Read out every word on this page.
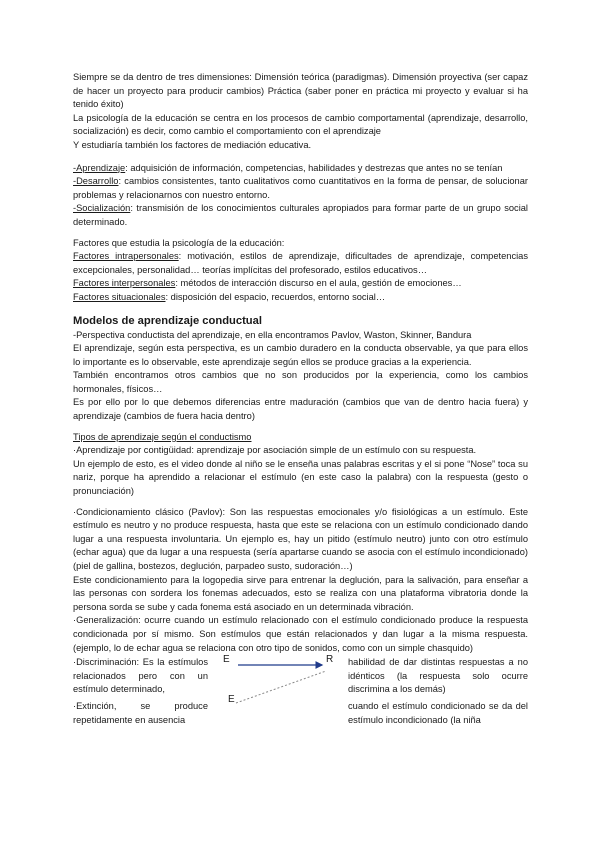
Siempre se da dentro de tres dimensiones: Dimensión teórica (paradigmas). Dimensión proyectiva (ser capaz de hacer un proyecto para producir cambios) Práctica (saber poner en práctica mi proyecto y evaluar si ha tenido éxito)

La psicología de la educación se centra en los procesos de cambio comportamental (aprendizaje, desarrollo, socialización) es decir, como cambio el comportamiento con el aprendizaje

Y estudiaría también los factores de mediación educativa.

-Aprendizaje: adquisición de información, competencias, habilidades y destrezas que antes no se tenían

-Desarrollo: cambios consistentes, tanto cualitativos como cuantitativos en la forma de pensar, de solucionar problemas y relacionarnos con nuestro entorno.

-Socialización: transmisión de los conocimientos culturales apropiados para formar parte de un grupo social determinado.

Factores que estudia la psicología de la educación:

Factores intrapersonales: motivación, estilos de aprendizaje, dificultades de aprendizaje, competencias excepcionales, personalidad… teorías implícitas del profesorado, estilos educativos…

Factores interpersonales: métodos de interacción discurso en el aula, gestión de emociones…

Factores situacionales: disposición del espacio, recuerdos, entorno social…

Modelos de aprendizaje conductual

-Perspectiva conductista del aprendizaje, en ella encontramos Pavlov, Waston, Skinner, Bandura

El aprendizaje, según esta perspectiva, es un cambio duradero en la conducta observable, ya que para ellos lo importante es lo observable, este aprendizaje según ellos se produce gracias a la experiencia.

También encontramos otros cambios que no son producidos por la experiencia, como los cambios hormonales, físicos…

Es por ello por lo que debemos diferencias entre maduración (cambios que van de dentro hacia fuera) y aprendizaje (cambios de fuera hacia dentro)

Tipos de aprendizaje según el conductismo

·Aprendizaje por contigüidad: aprendizaje por asociación simple de un estímulo con su respuesta.

Un ejemplo de esto, es el video donde al niño se le enseña unas palabras escritas y el si pone “Nose” toca su nariz, porque ha aprendido a relacionar el estímulo (en este caso la palabra) con la respuesta (gesto o pronunciación)

·Condicionamiento clásico (Pavlov): Son las respuestas emocionales y/o fisiológicas a un estímulo. Este estímulo es neutro y no produce respuesta, hasta que este se relaciona con un estímulo condicionado dando lugar a una respuesta involuntaria. Un ejemplo es, hay un pitido (estímulo neutro) junto con otro estímulo (echar agua) que da lugar a una respuesta (sería apartarse cuando se asocia con el estímulo incondicionado) (piel de gallina, bostezos, deglución, parpadeo susto, sudoración…)

Este condicionamiento para la logopedia sirve para entrenar la deglución, para la salivación, para enseñar a las personas con sordera los fonemas adecuados, esto se realiza con una plataforma vibratoria donde la persona sorda se sube y cada fonema está asociado en un determinada vibración.

·Generalización: ocurre cuando un estímulo relacionado con el estímulo condicionado produce la respuesta condicionada por sí mismo. Son estímulos que están relacionados y dan lugar a la misma respuesta. (ejemplo, lo de echar agua se relaciona con otro tipo de sonidos, como con un simple chasquido)

·Discriminación: Es la estímulos relacionados pero con un estímulo determinado,

·Extinción, se produce repetidamente en ausencia

E	R
E

habilidad de dar distintas respuestas a no idénticos (la respuesta solo ocurre discrimina a los demás)

cuando el estímulo condicionado se da del estímulo incondicionado (la niña
